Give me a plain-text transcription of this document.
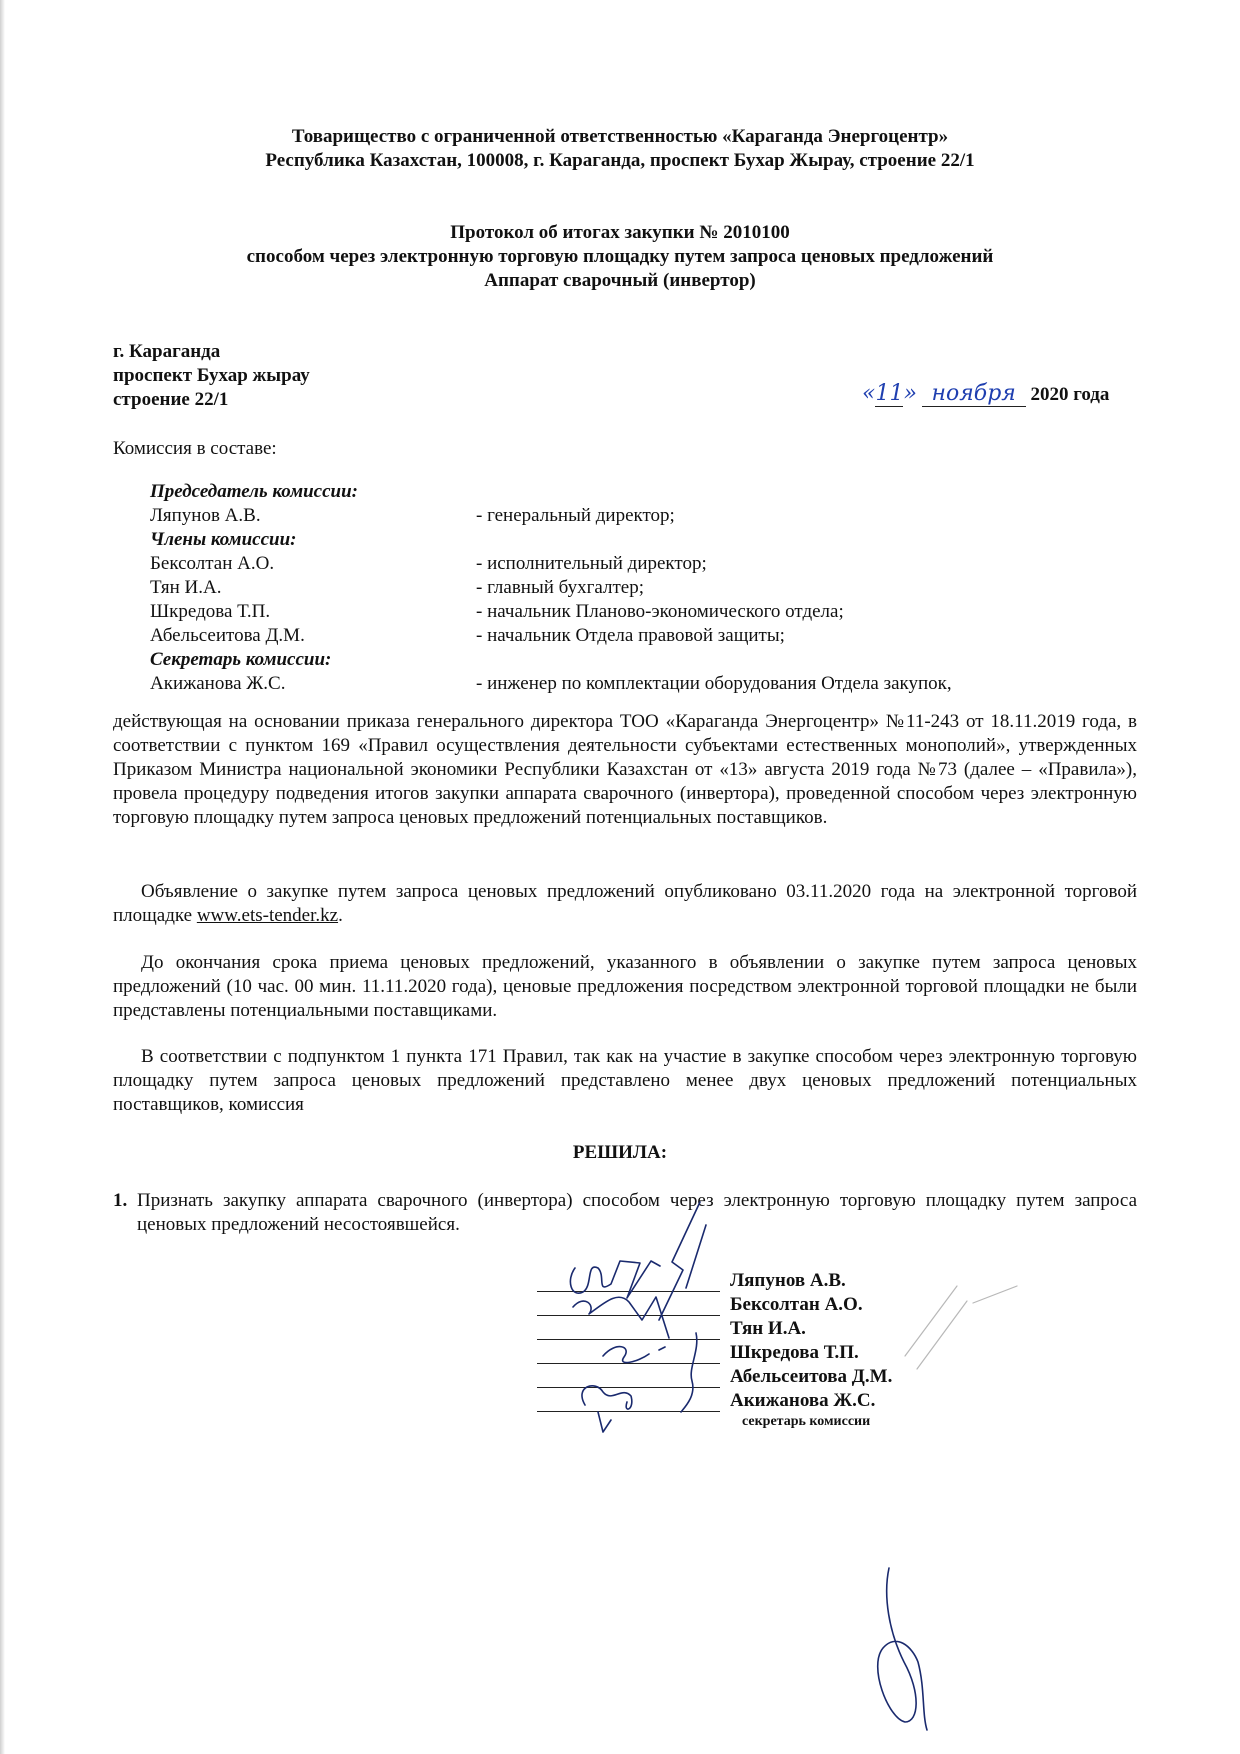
Товарищество с ограниченной ответственностью «Караганда Энергоцентр»
Республика Казахстан, 100008, г. Караганда, проспект Бухар Жырау, строение 22/1
Протокол об итогах закупки № 2010100
способом через электронную торговую площадку путем запроса ценовых предложений
Аппарат сварочный (инвертор)
г. Караганда
проспект Бухар жырау
строение 22/1	«11» ноября 2020 года
Комиссия в составе:
Председатель комиссии:
Ляпунов А.В.	- генеральный директор;
Члены комиссии:
Бексолтан А.О.	- исполнительный директор;
Тян И.А.	- главный бухгалтер;
Шкредова Т.П.	- начальник Планово-экономического отдела;
Абельсеитова Д.М.	- начальник Отдела правовой защиты;
Секретарь комиссии:
Акижанова Ж.С.	- инженер по комплектации оборудования Отдела закупок,
действующая на основании приказа генерального директора ТОО «Караганда Энергоцентр» №11-243 от 18.11.2019 года, в соответствии с пунктом 169 «Правил осуществления деятельности субъектами естественных монополий», утвержденных Приказом Министра национальной экономики Республики Казахстан от «13» августа 2019 года №73 (далее – «Правила»), провела процедуру подведения итогов закупки аппарата сварочного (инвертора), проведенной способом через электронную торговую площадку путем запроса ценовых предложений потенциальных поставщиков.
Объявление о закупке путем запроса ценовых предложений опубликовано 03.11.2020 года на электронной торговой площадке www.ets-tender.kz.
До окончания срока приема ценовых предложений, указанного в объявлении о закупке путем запроса ценовых предложений (10 час. 00 мин. 11.11.2020 года), ценовые предложения посредством электронной торговой площадки не были представлены потенциальными поставщиками.
В соответствии с подпунктом 1 пункта 171 Правил, так как на участие в закупке способом через электронную торговую площадку путем запроса ценовых предложений представлено менее двух ценовых предложений потенциальных поставщиков, комиссия
РЕШИЛА:
1. Признать закупку аппарата сварочного (инвертора) способом через электронную торговую площадку путем запроса ценовых предложений несостоявшейся.
Ляпунов А.В.
Бексолтан А.О.
Тян И.А.
Шкредова Т.П.
Абельсеитова Д.М.
Акижанова Ж.С.
секретарь комиссии
